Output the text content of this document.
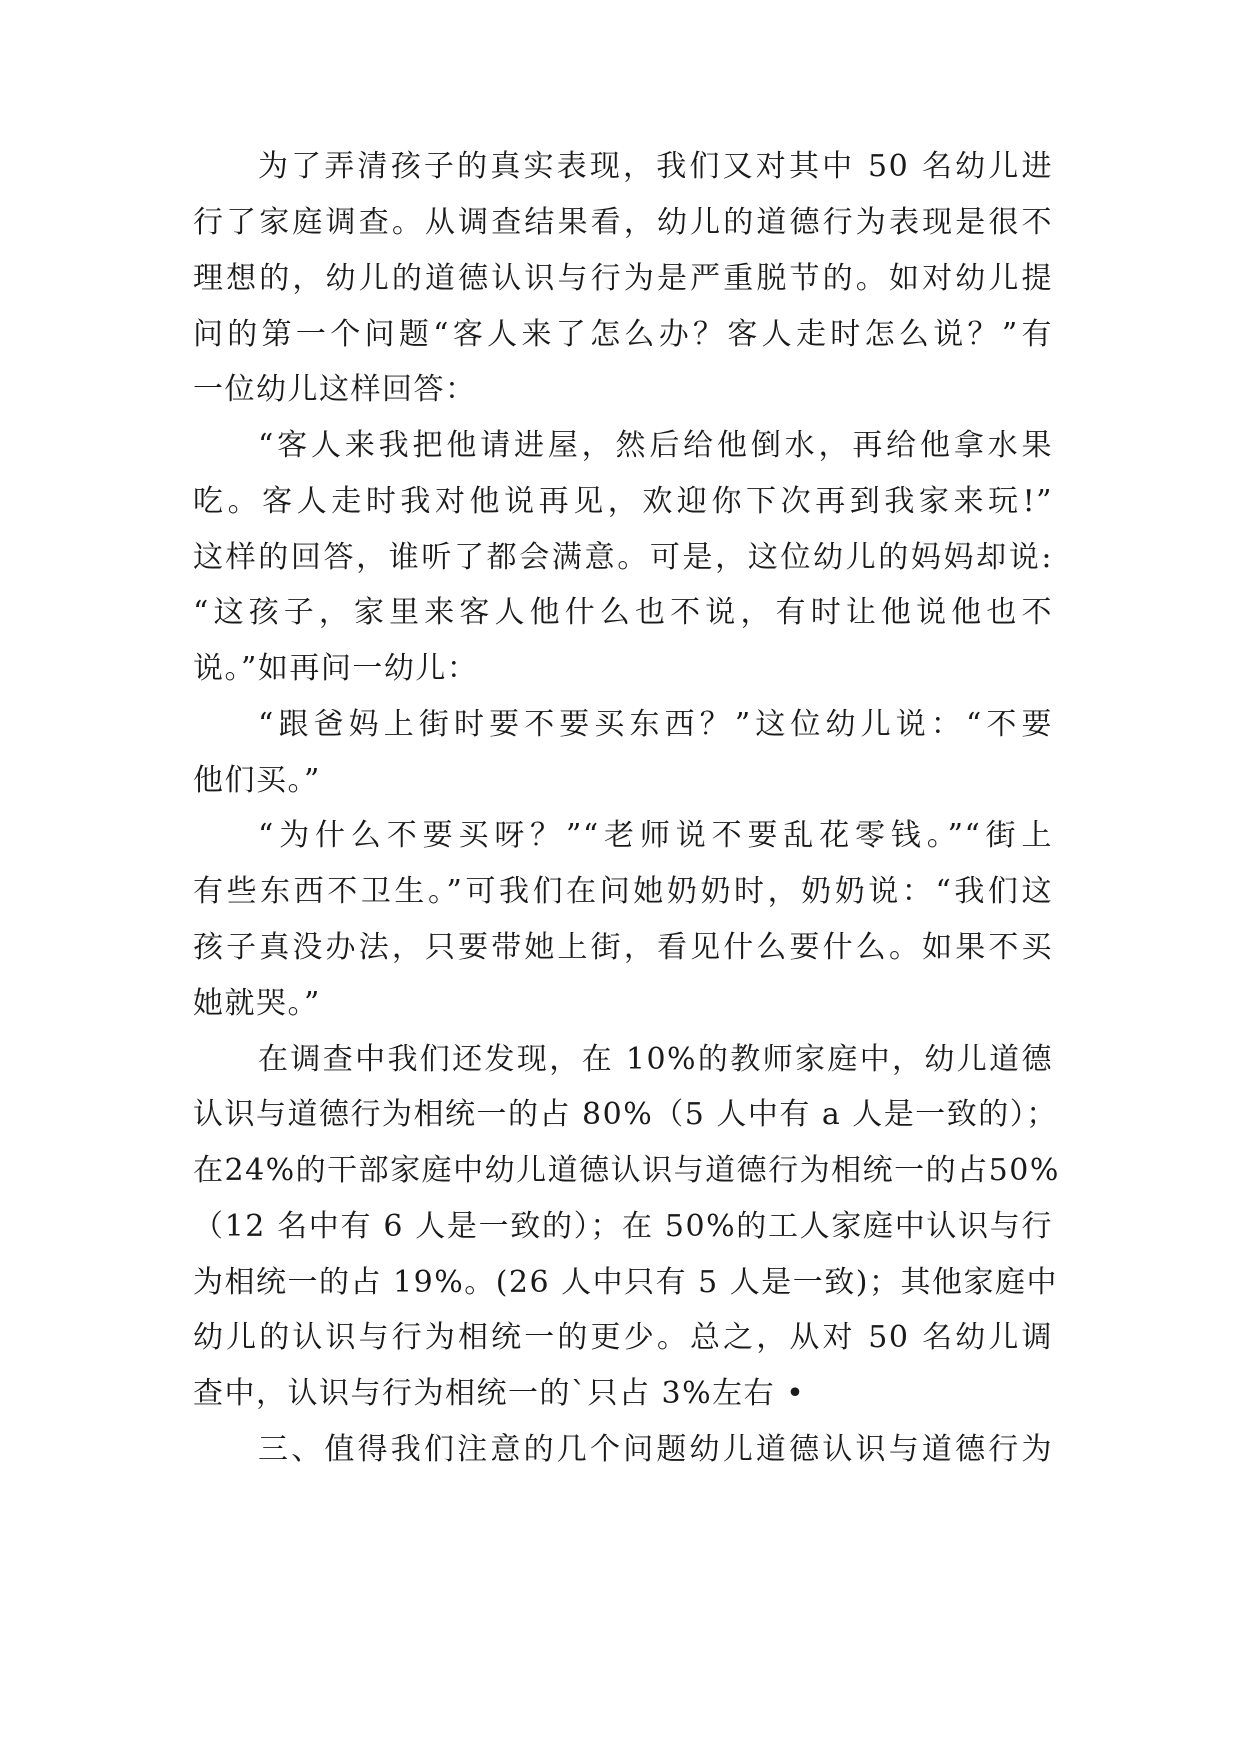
为了弄清孩子的真实表现，我们又对其中 50 名幼儿进
行了家庭调查。从调查结果看，幼儿的道德行为表现是很不
理想的，幼儿的道德认识与行为是严重脱节的。如对幼儿提
问的第一个问题“客人来了怎么办？客人走时怎么说？”有
一位幼儿这样回答：
“客人来我把他请进屋，然后给他倒水，再给他拿水果
吃。客人走时我对他说再见，欢迎你下次再到我家来玩!”
这样的回答，谁听了都会满意。可是，这位幼儿的妈妈却说:
“这孩子，家里来客人他什么也不说，有时让他说他也不
说。”如再问一幼儿：
“跟爸妈上街时要不要买东西？”这位幼儿说：“不要
他们买。”
“为什么不要买呀？”“老师说不要乱花零钱。”“街上
有些东西不卫生。”可我们在问她奶奶时，奶奶说：“我们这
孩子真没办法，只要带她上街，看见什么要什么。如果不买
她就哭。”
在调查中我们还发现，在 10%的教师家庭中，幼儿道德
认识与道德行为相统一的占 80%（5 人中有 a 人是一致的）；
在24%的干部家庭中幼儿道德认识与道德行为相统一的占50%
（12 名中有 6 人是一致的）；在 50%的工人家庭中认识与行
为相统一的占 19%。(26 人中只有 5 人是一致)；其他家庭中
幼儿的认识与行为相统一的更少。总之，从对 50 名幼儿调
查中，认识与行为相统一的`只占 3%左右 •
三、值得我们注意的几个问题幼儿道德认识与道德行为
